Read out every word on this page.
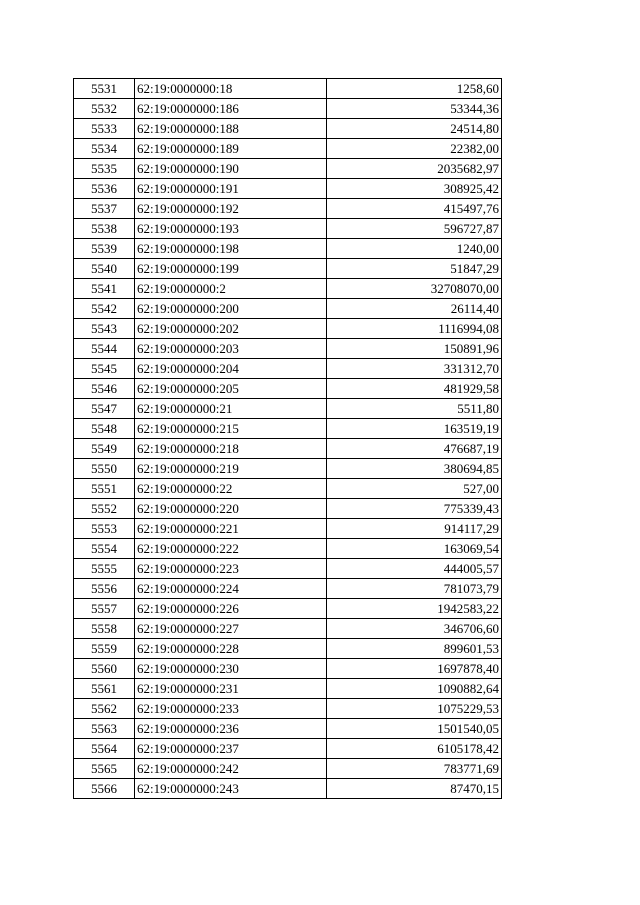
5531	62:19:0000000:18	1258,60
5532	62:19:0000000:186	53344,36
5533	62:19:0000000:188	24514,80
5534	62:19:0000000:189	22382,00
5535	62:19:0000000:190	2035682,97
5536	62:19:0000000:191	308925,42
5537	62:19:0000000:192	415497,76
5538	62:19:0000000:193	596727,87
5539	62:19:0000000:198	1240,00
5540	62:19:0000000:199	51847,29
5541	62:19:0000000:2	32708070,00
5542	62:19:0000000:200	26114,40
5543	62:19:0000000:202	1116994,08
5544	62:19:0000000:203	150891,96
5545	62:19:0000000:204	331312,70
5546	62:19:0000000:205	481929,58
5547	62:19:0000000:21	5511,80
5548	62:19:0000000:215	163519,19
5549	62:19:0000000:218	476687,19
5550	62:19:0000000:219	380694,85
5551	62:19:0000000:22	527,00
5552	62:19:0000000:220	775339,43
5553	62:19:0000000:221	914117,29
5554	62:19:0000000:222	163069,54
5555	62:19:0000000:223	444005,57
5556	62:19:0000000:224	781073,79
5557	62:19:0000000:226	1942583,22
5558	62:19:0000000:227	346706,60
5559	62:19:0000000:228	899601,53
5560	62:19:0000000:230	1697878,40
5561	62:19:0000000:231	1090882,64
5562	62:19:0000000:233	1075229,53
5563	62:19:0000000:236	1501540,05
5564	62:19:0000000:237	6105178,42
5565	62:19:0000000:242	783771,69
5566	62:19:0000000:243	87470,15
